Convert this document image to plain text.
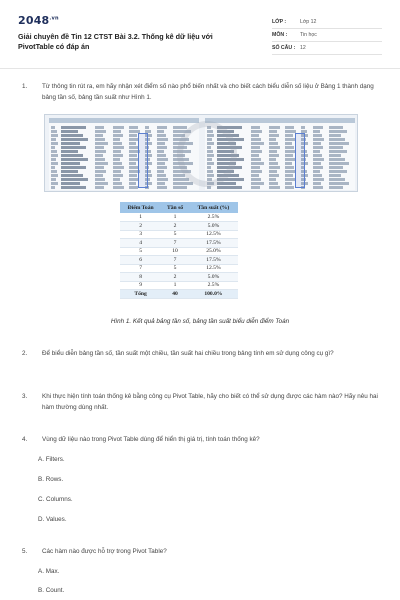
$2048^{.vn}$
Giải chuyên đề Tin 12 CTST Bài 3.2. Thống kê dữ liệu với PivotTable có đáp án
LỚP :	Lớp 12
MÔN :	Tin học
SỐ CÂU : 12
1. Từ thông tin rút ra, em hãy nhận xét điểm số nào phổ biến nhất và cho biết cách biểu diễn số liệu ở Bảng 1 thành dạng bảng tần số, bảng tần suất như Hình 1.
Điểm Toán	Tần số	Tần suất (%)
1	1	2.5%
2	2	5.0%
3	5	12.5%
4	7	17.5%
5	10	25.0%
6	7	17.5%
7	5	12.5%
8	2	5.0%
9	1	2.5%
Tổng	40	100.0%
Hình 1. Kết quả bảng tần số, bảng tần suất biểu diễn điểm Toán
2. Để biểu diễn bảng tần số, tần suất một chiều, tần suất hai chiều trong bảng tính em sử dụng công cụ gì?
3. Khi thực hiện tính toán thống kê bằng công cụ Pivot Table, hãy cho biết có thể sử dụng được các hàm nào? Hãy nêu hai hàm thường dùng nhất.
4. Vùng dữ liệu nào trong Pivot Table dùng để hiển thị giá trị, tính toán thống kê?
A. Filters.
B. Rows.
C. Columns.
D. Values.
5. Các hàm nào được hỗ trợ trong Pivot Table?
A. Max.
B. Count.
